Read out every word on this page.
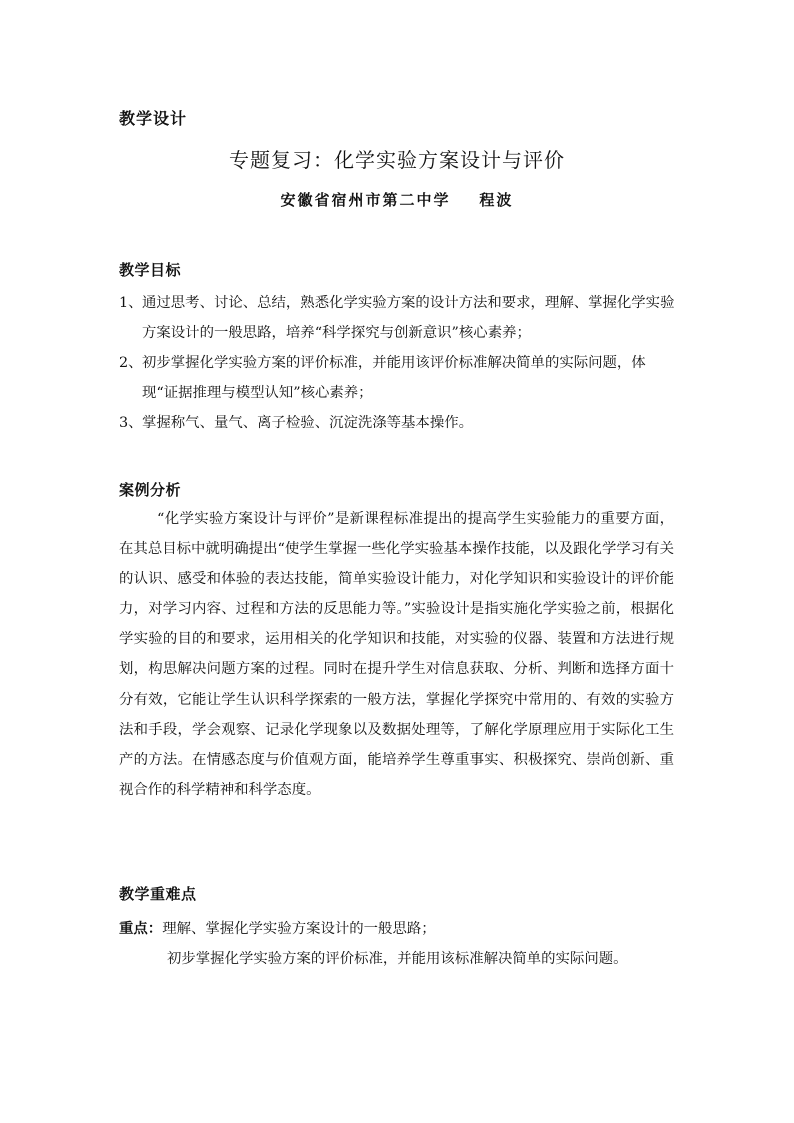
教学设计
专题复习：化学实验方案设计与评价
安徽省宿州市第二中学    程波
教学目标
1、通过思考、讨论、总结，熟悉化学实验方案的设计方法和要求，理解、掌握化学实验方案设计的一般思路，培养“科学探究与创新意识”核心素养；
2、初步掌握化学实验方案的评价标准，并能用该评价标准解决简单的实际问题，体现“证据推理与模型认知”核心素养；
3、掌握称气、量气、离子检验、沉淀洗涤等基本操作。
案例分析

“化学实验方案设计与评价”是新课程标准提出的提高学生实验能力的重要方面，在其总目标中就明确提出“使学生掌握一些化学实验基本操作技能，以及跟化学学习有关的认识、感受和体验的表达技能，简单实验设计能力，对化学知识和实验设计的评价能力，对学习内容、过程和方法的反思能力等。”实验设计是指实施化学实验之前，根据化学实验的目的和要求，运用相关的化学知识和技能，对实验的仪器、装置和方法进行规划，构思解决问题方案的过程。同时在提升学生对信息获取、分析、判断和选择方面十分有效，它能让学生认识科学探索的一般方法，掌握化学探究中常用的、有效的实验方法和手段，学会观察、记录化学现象以及数据处理等，了解化学原理应用于实际化工生产的方法。在情感态度与价值观方面，能培养学生尊重事实、积极探究、崇尚创新、重视合作的科学精神和科学态度。

教学重难点

重点：理解、掌握化学实验方案设计的一般思路；

初步掌握化学实验方案的评价标准，并能用该标准解决简单的实际问题。
